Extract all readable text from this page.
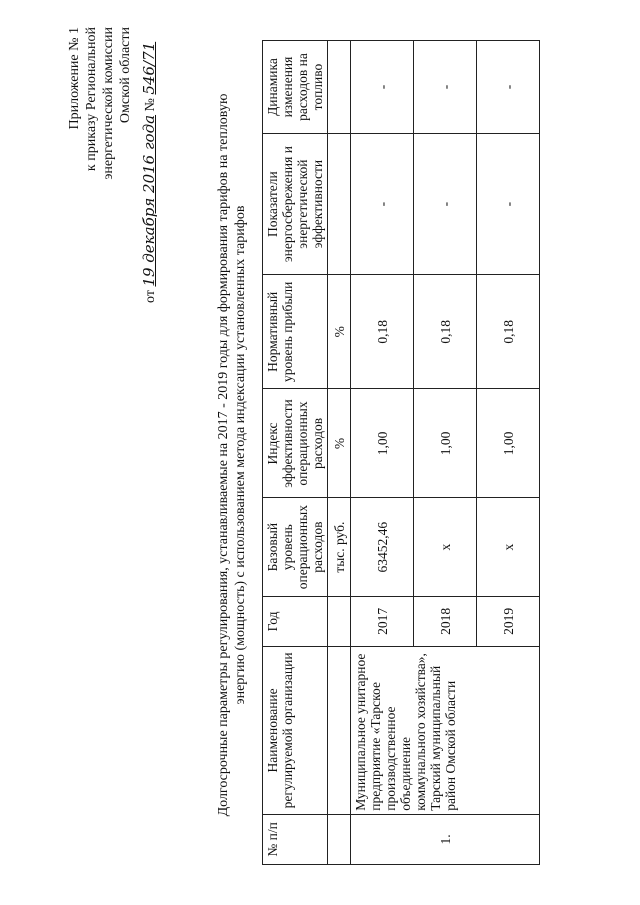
Приложение № 1 к приказу Региональной энергетической комиссии Омской области
от 19 декабря 2016 года № 546/71
Долгосрочные параметры регулирования, устанавливаемые на 2017 - 2019 годы для формирования тарифов на тепловую энергию (мощность) с использованием метода индексации установленных тарифов
№ п/п	Наименование регулируемой организации	Год	Базовый уровень операционных расходов	Индекс эффективности операционных расходов	Нормативный уровень прибыли	Показатели энергосбережения и энергетической эффективности	Динамика изменения расходов на топливо
			тыс. руб.	%	%		
1.	Муниципальное унитарное предприятие «Тарское производственное объединение коммунального хозяйства», Тарский муниципальный район Омской области	2017	63452,46	1,00	0,18	-	-
		2018	х	1,00	0,18	-	-
		2019	х	1,00	0,18	-	-
